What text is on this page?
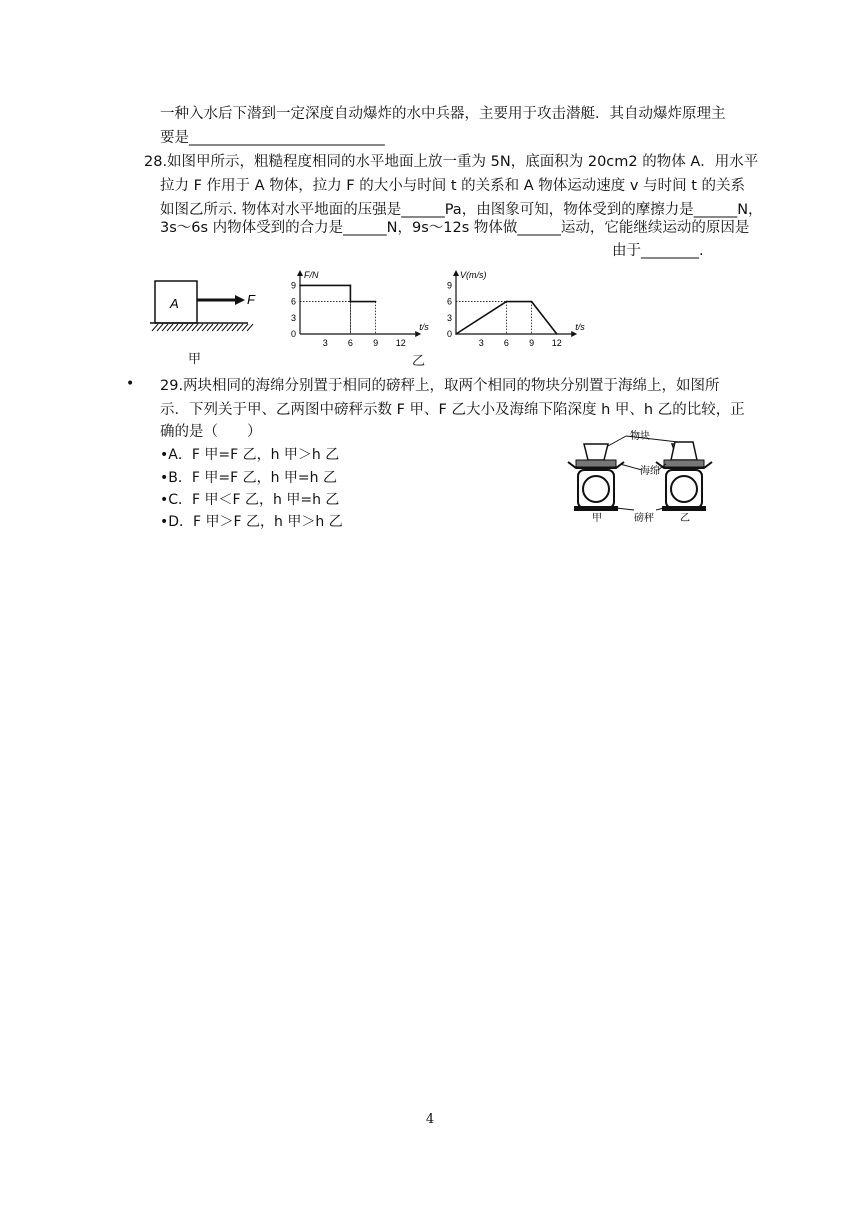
一种入水后下潜到一定深度自动爆炸的水中兵器，主要用于攻击潜艇．其自动爆炸原理主
要是___________________________
28.如图甲所示，粗糙程度相同的水平地面上放一重为 5N，底面积为 20cm2 的物体 A．用水平
拉力 F 作用于 A 物体，拉力 F 的大小与时间 t 的关系和 A 物体运动速度 v 与时间 t 的关系
如图乙所示. 物体对水平地面的压强是______Pa，由图象可知，物体受到的摩擦力是______N，
3s～6s 内物体受到的合力是______N，9s～12s 物体做______运动，它能继续运动的原因是
由于________.
A	F
甲
0
3
6
9
3 6 9 12
F/N
t/s
0
3
6
9
3 6 9 12
V(m/s)
t/s
乙
• 29.两块相同的海绵分别置于相同的磅秤上，取两个相同的物块分别置于海绵上，如图所
示．下列关于甲、乙两图中磅秤示数 F 甲、F 乙大小及海绵下陷深度 h 甲、h 乙的比较，正
确的是（　　）
•A．F 甲=F 乙，h 甲＞h 乙
•B．F 甲=F 乙，h 甲=h 乙
•C．F 甲＜F 乙，h 甲=h 乙
•D．F 甲＞F 乙，h 甲＞h 乙
物块
海绵
磅秤
甲	乙
4
